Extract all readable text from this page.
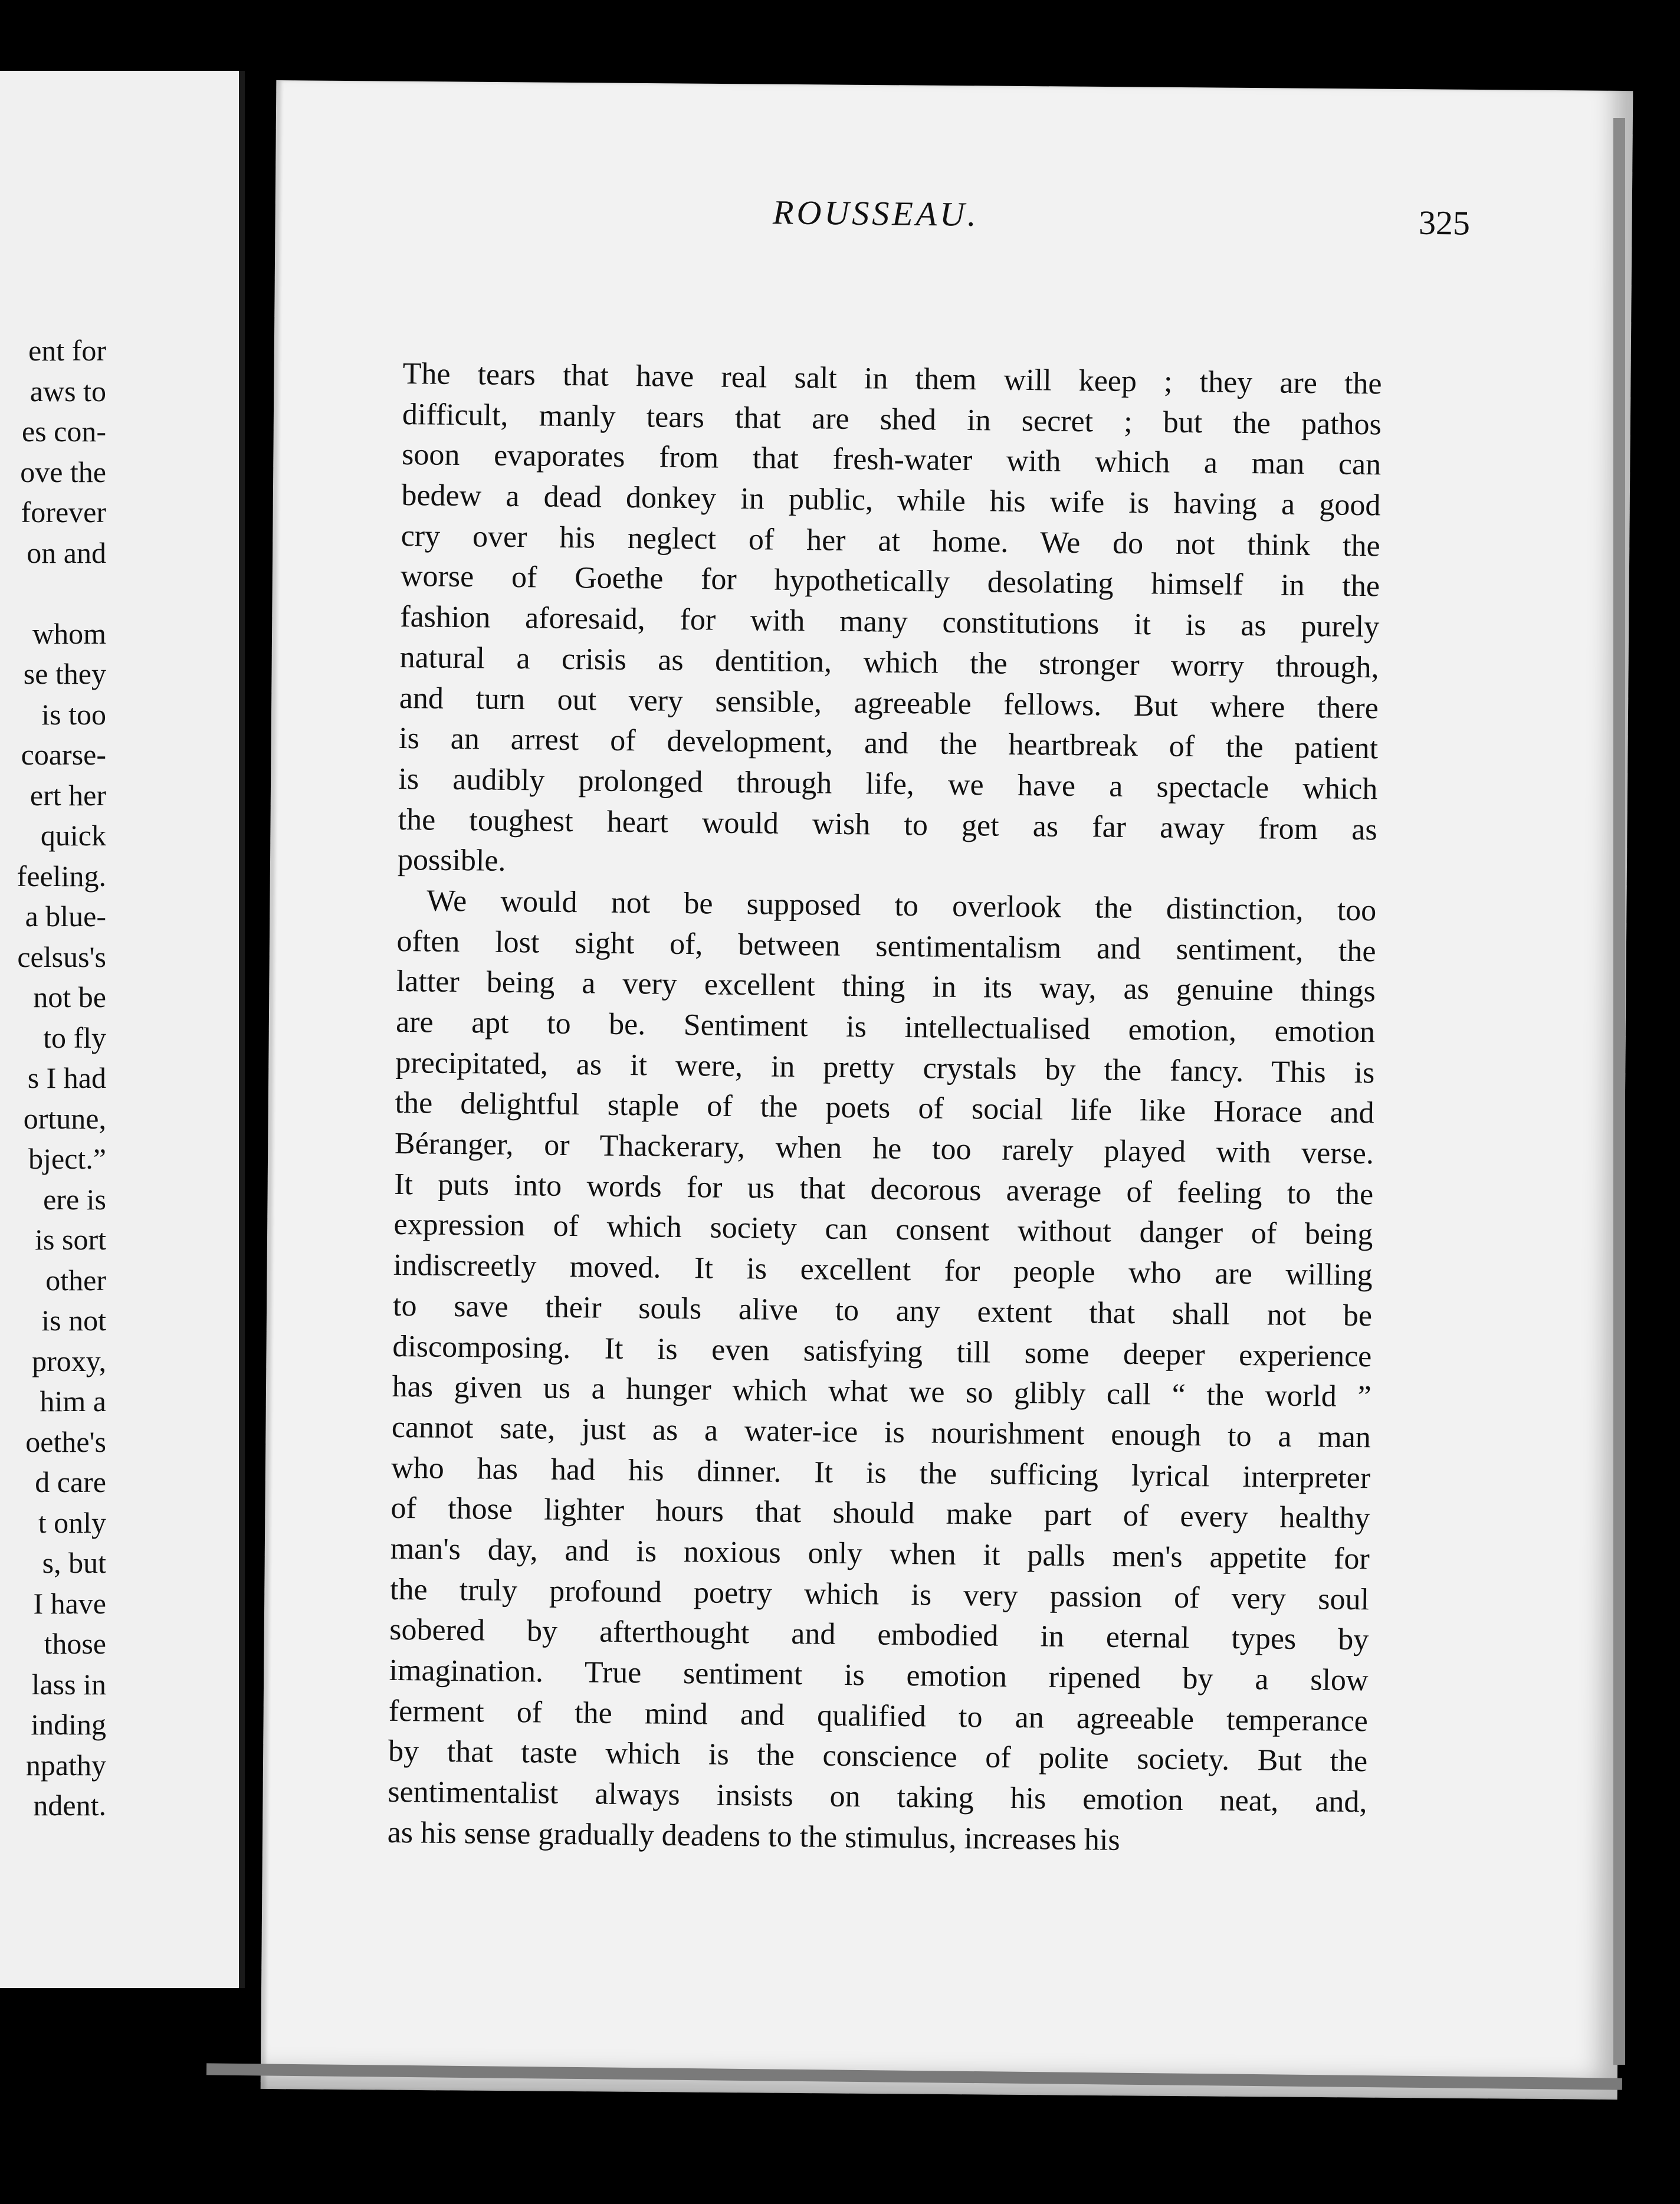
ent for
aws to
es con-
ove the
forever
on and

whom
se they
is too
coarse-
ert her
quick
feeling.
a blue-
celsus's
not be
to fly
s I had
ortune,
bject.”
ere is
is sort
other
is not
proxy,
him a
oethe's
d care
t only
s, but
I have
those
lass in
inding
npathy
ndent.
ROUSSEAU.	325
The tears that have real salt in them will keep ; they are the
difficult, manly tears that are shed in secret ; but the pathos
soon evaporates from that fresh-water with which a man can
bedew a dead donkey in public, while his wife is having a good
cry over his neglect of her at home. We do not think the
worse of Goethe for hypothetically desolating himself in the
fashion aforesaid, for with many constitutions it is as purely
natural a crisis as dentition, which the stronger worry through,
and turn out very sensible, agreeable fellows. But where there
is an arrest of development, and the heartbreak of the patient
is audibly prolonged through life, we have a spectacle which
the toughest heart would wish to get as far away from as
possible.
We would not be supposed to overlook the distinction, too
often lost sight of, between sentimentalism and sentiment, the
latter being a very excellent thing in its way, as genuine things
are apt to be. Sentiment is intellectualised emotion, emotion
precipitated, as it were, in pretty crystals by the fancy. This is
the delightful staple of the poets of social life like Horace and
Béranger, or Thackerary, when he too rarely played with verse.
It puts into words for us that decorous average of feeling to the
expression of which society can consent without danger of being
indiscreetly moved. It is excellent for people who are willing
to save their souls alive to any extent that shall not be
discomposing. It is even satisfying till some deeper experience
has given us a hunger which what we so glibly call “ the world ”
cannot sate, just as a water-ice is nourishment enough to a man
who has had his dinner. It is the sufficing lyrical interpreter
of those lighter hours that should make part of every healthy
man's day, and is noxious only when it palls men's appetite for
the truly profound poetry which is very passion of very soul
sobered by afterthought and embodied in eternal types by
imagination. True sentiment is emotion ripened by a slow
ferment of the mind and qualified to an agreeable temperance
by that taste which is the conscience of polite society. But the
sentimentalist always insists on taking his emotion neat, and,
as his sense gradually deadens to the stimulus, increases his
